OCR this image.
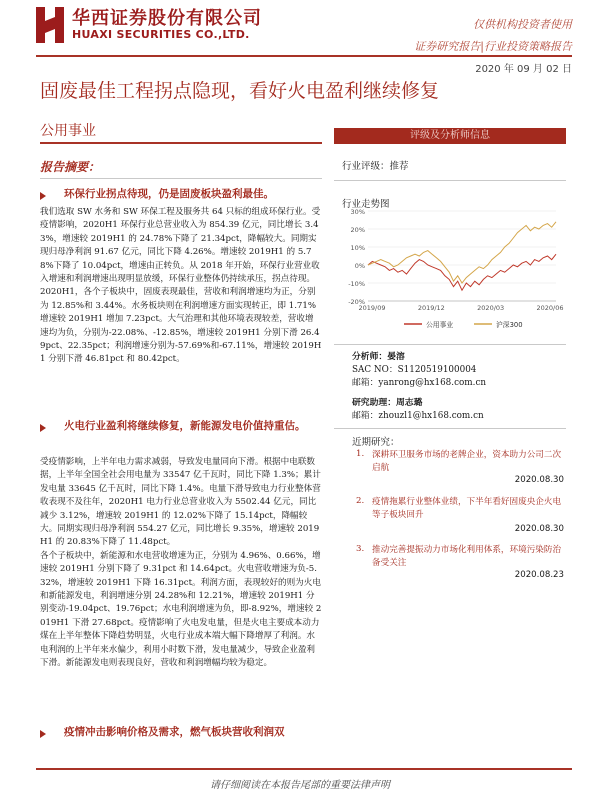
华西证券股份有限公司
HUAXI SECURITIES CO.,LTD.
仅供机构投资者使用
证券研究报告|行业投资策略报告
2020 年 09 月 02 日
固废最佳工程拐点隐现，看好火电盈利继续修复
公用事业
报告摘要：
环保行业拐点待现，仍是固废板块盈利最佳。

我们选取 SW 水务和 SW 环保工程及服务共 64 只标的组成环保行业。受疫情影响，2020H1 环保行业总营业收入为 854.39 亿元，同比增长 3.43%，增速较 2019H1 的 24.78%下降了 21.34pct，降幅较大。同期实现归母净利润 91.67 亿元，同比下降 4.26%。增速较 2019H1 的 5.78%下降了 10.04pct，增速由正转负。从 2018 年开始，环保行业营业收入增速和利润增速出现明显放缓，环保行业整体仍持续承压，拐点待现。

2020H1，各个子板块中，固废表现最佳，营收和利润增速均为正，分别为 12.85%和 3.44%。水务板块则在利润增速方面实现转正，即 1.71%增速较 2019H1 增加 7.23pct。大气治理和其他环境表现较差，营收增速均为负，分别为-22.08%、-12.85%，增速较 2019H1 分别下滑 26.49pct、22.35pct；利润增速分别为-57.69%和-67.11%，增速较 2019H1 分别下滑 46.81pct 和 80.42pct。

火电行业盈利将继续修复，新能源发电价值持重估。

受疫情影响，上半年电力需求减弱，导致发电量同向下滑。根据中电联数据，上半年全国全社会用电量为 33547 亿千瓦时，同比下降 1.3%；累计发电量 33645 亿千瓦时，同比下降 1.4%。电量下滑导致电力行业整体营收表现不及往年，2020H1 电力行业总营业收入为 5502.44 亿元，同比减少 3.12%，增速较 2019H1 的 12.02%下降了 15.14pct，降幅较大。同期实现归母净利润 554.27 亿元，同比增长 9.35%，增速较 2019H1 的 20.83%下降了 11.48pct。

各个子板块中，新能源和水电营收增速为正，分别为 4.96%、0.66%，增速较 2019H1 分别下降了 9.31pct 和 14.64pct。火电营收增速为负-5.32%，增速较 2019H1 下降 16.31pct。利润方面，表现较好的则为火电和新能源发电，利润增速分别 24.28%和 12.21%，增速较 2019H1 分别变动-19.04pct、19.76pct；水电利润增速为负，即-8.92%，增速较 2019H1 下滑 27.68pct。疫情影响了火电发电量，但是火电主要成本动力煤在上半年整体下降趋势明显，火电行业成本端大幅下降增厚了利润。水电利润的上半年来水偏少，利用小时数下滑，发电量减少，导致企业盈利下滑。新能源发电则表现良好，营收和利润增幅均较为稳定。

疫情冲击影响价格及需求，燃气板块营收利润双
评级及分析师信息
行业评级：推荐
行业走势图
-20%
-10%
0%
10%
20%
30%
2019/09	2019/12	2020/03	2020/06
公用事业	沪深300
分析师：晏溶
SAC NO：S1120519100004
邮箱：yanrong@hx168.com.cn
研究助理：周志璐
邮箱：zhouzl1@hx168.com.cn
近期研究：
1. 深耕环卫服务市场的老牌企业，资本助力公司二次启航
2020.08.30
2. 疫情拖累行业整体业绩，下半年看好固废央企火电等子板块回升
2020.08.30
3. 推动完善提振动力市场化利用体系，环境污染防治备受关注
2020.08.23
请仔细阅读在本报告尾部的重要法律声明
